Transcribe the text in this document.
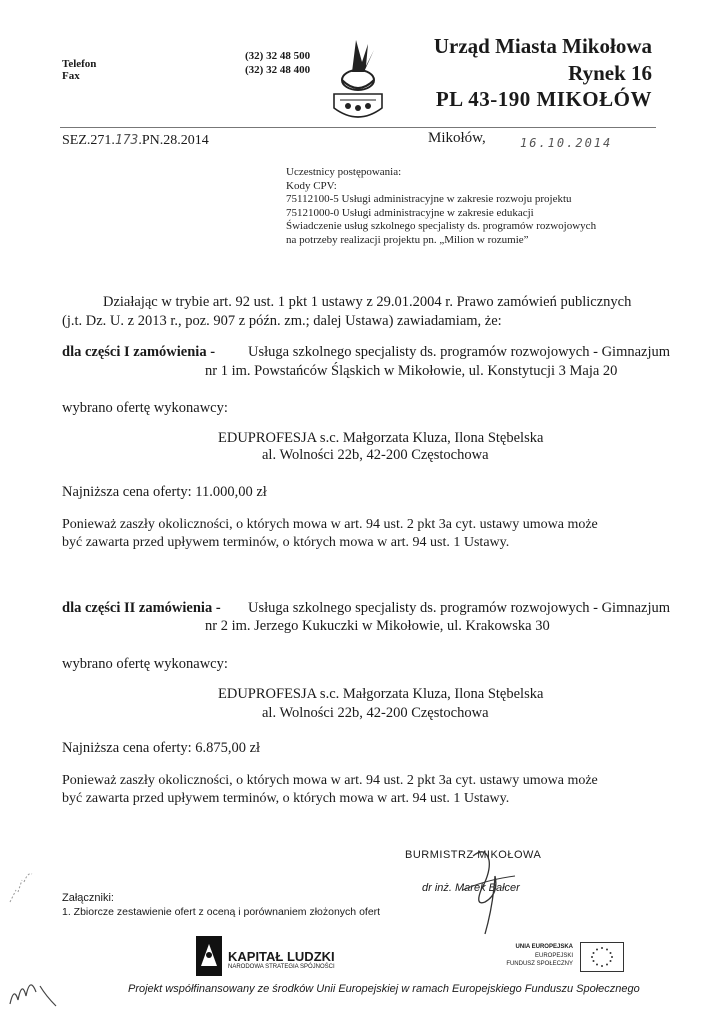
Telefon
Fax
(32) 32 48 500
(32) 32 48 400
Urząd Miasta Mikołowa
Rynek 16
PL 43-190 MIKOŁÓW
SEZ.271.173.PN.28.2014	Mikołów,	16.10.2014
Uczestnicy postępowania:
Kody CPV:
75112100-5 Usługi administracyjne w zakresie rozwoju projektu
75121000-0 Usługi administracyjne w zakresie edukacji
Świadczenie usług szkolnego specjalisty ds. programów rozwojowych
na potrzeby realizacji projektu pn. „Milion w rozumie”
Działając w trybie art. 92 ust. 1 pkt 1 ustawy z 29.01.2004 r. Prawo zamówień publicznych
(j.t. Dz. U. z 2013 r., poz. 907 z późn. zm.; dalej Ustawa) zawiadamiam, że:
dla części I zamówienia - Usługa szkolnego specjalisty ds. programów rozwojowych - Gimnazjum
nr 1 im. Powstańców Śląskich w Mikołowie, ul. Konstytucji 3 Maja 20
wybrano ofertę wykonawcy:
EDUPROFESJA s.c. Małgorzata Kluza, Ilona Stębelska
al. Wolności 22b, 42-200 Częstochowa
Najniższa cena oferty: 11.000,00 zł
Ponieważ zaszły okoliczności, o których mowa w art. 94 ust. 2 pkt 3a cyt. ustawy umowa może
być zawarta przed upływem terminów, o których mowa w art. 94 ust. 1 Ustawy.
dla części II zamówienia - Usługa szkolnego specjalisty ds. programów rozwojowych - Gimnazjum
nr 2 im. Jerzego Kukuczki w Mikołowie, ul. Krakowska 30
wybrano ofertę wykonawcy:
EDUPROFESJA s.c. Małgorzata Kluza, Ilona Stębelska
al. Wolności 22b, 42-200 Częstochowa
Najniższa cena oferty: 6.875,00 zł
Ponieważ zaszły okoliczności, o których mowa w art. 94 ust. 2 pkt 3a cyt. ustawy umowa może
być zawarta przed upływem terminów, o których mowa w art. 94 ust. 1 Ustawy.
BURMISTRZ MIKOŁOWA
dr inż. Marek Bałcer
Załączniki:
1. Zbiorcze zestawienie ofert z oceną i porównaniem złożonych ofert
KAPITAŁ LUDZKI
NARODOWA STRATEGIA SPÓJNOŚCI
UNIA EUROPEJSKA
EUROPEJSKI
FUNDUSZ SPOŁECZNY
Projekt współfinansowany ze środków Unii Europejskiej w ramach Europejskiego Funduszu Społecznego
